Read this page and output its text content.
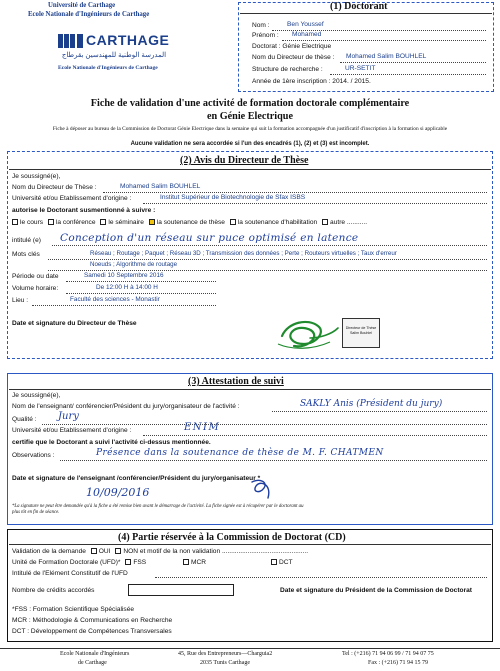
Université de Carthage
Ecole Nationale d'Ingénieurs de Carthage
CARTHAGE
المدرسة الوطنية للمهندسين بقرطاج
Ecole Nationale d'Ingénieurs de Carthage
(1) Doctorant
Nom :	Ben Youssef
Prénom : Mohamed
Doctorat : Génie Electrique
Nom du Directeur de thèse : Mohamed Salim BOUHLEL
Structure de recherche :	UR-SETIT
Année de 1ère inscription : 2014. / 2015.
Fiche de validation d'une activité de formation doctorale complémentaire
en Génie Electrique
Fiche à déposer au bureau de la Commission de Doctorat Génie Electrique dans la semaine qui suit la formation accompagnée d'un justificatif d'inscription à la formation si applicable
Aucune validation ne sera accordée si l'un des encadrés (1), (2) et (3) est incomplet.
(2) Avis du Directeur de Thèse
Je soussigné(e),
Nom du Directeur de Thèse :	Mohamed Salim BOUHLEL
Université et/ou Etablissement d'origine :	Institut Supérieur de Biotechnologie de Sfax ISBS
autorise le Doctorant susmentionné à suivre :
le cours la conférence le séminaire la soutenance de thèse la soutenance d'habilitation autre ...........
intitulé (e) Conception d'un réseau sur puce optimisé en latence
Mots clés	Réseau ; Routage ; Paquet ; Réseau 3D ; Transmission des données ; Perte ; Routeurs virtuelles ; Taux d'erreur
Noeuds ; Algorithme de routage
Période ou date	Samedi 10 Septembre 2016
Volume horaire:	De 12:00 H à 14:00 H
Lieu :	Faculté des sciences - Monastir
Date et signature du Directeur de Thèse
Directeur de Thèse Salim Bouhlel
(3) Attestation de suivi
Je soussigné(e),
Nom de l'enseignant/ conférencier/Président du jury/organisateur de l'activité :	SAKLY Anis (Président du jury)
Qualité : Jury
Université et/ou Etablissement d'origine :	ENIM
certifie que le Doctorant a suivi l'activité ci-dessus mentionnée.
Observations :	Présence dans la soutenance de thèse de M. F. CHATMEN
Date et signature de l'enseignant /conférencier/Président du jury/organisateur *
10/09/2016
*La signature ne peut être demandée qu'à la fiche a été remise bien avant le démarrage de l'activité. La fiche signée est à récupérer par le doctorant au plus tôt en fin de séance.
(4) Partie réservée à la Commission de Doctorat (CD)
Validation de la demande OUI NON et motif de la non validation ...............................................
Unité de Formation Doctorale (UFD)* FSS	MCR	DCT
Intitulé de l'Elément Constitutif de l'UFD
Nombre de crédits accordés	Date et signature du Président de la Commission de Doctorat
*FSS : Formation Scientifique Spécialisée
MCR : Méthodologie & Communications en Recherche
DCT : Développement de Compétences Transversales
Ecole Nationale d'Ingénieurs
de Carthage
45, Rue des Entrepreneurs—Charguia2
2035 Tunis Carthage
Tel : (+216) 71 94 06 99 / 71 94 07 75
Fax : (+216) 71 94 15 79
